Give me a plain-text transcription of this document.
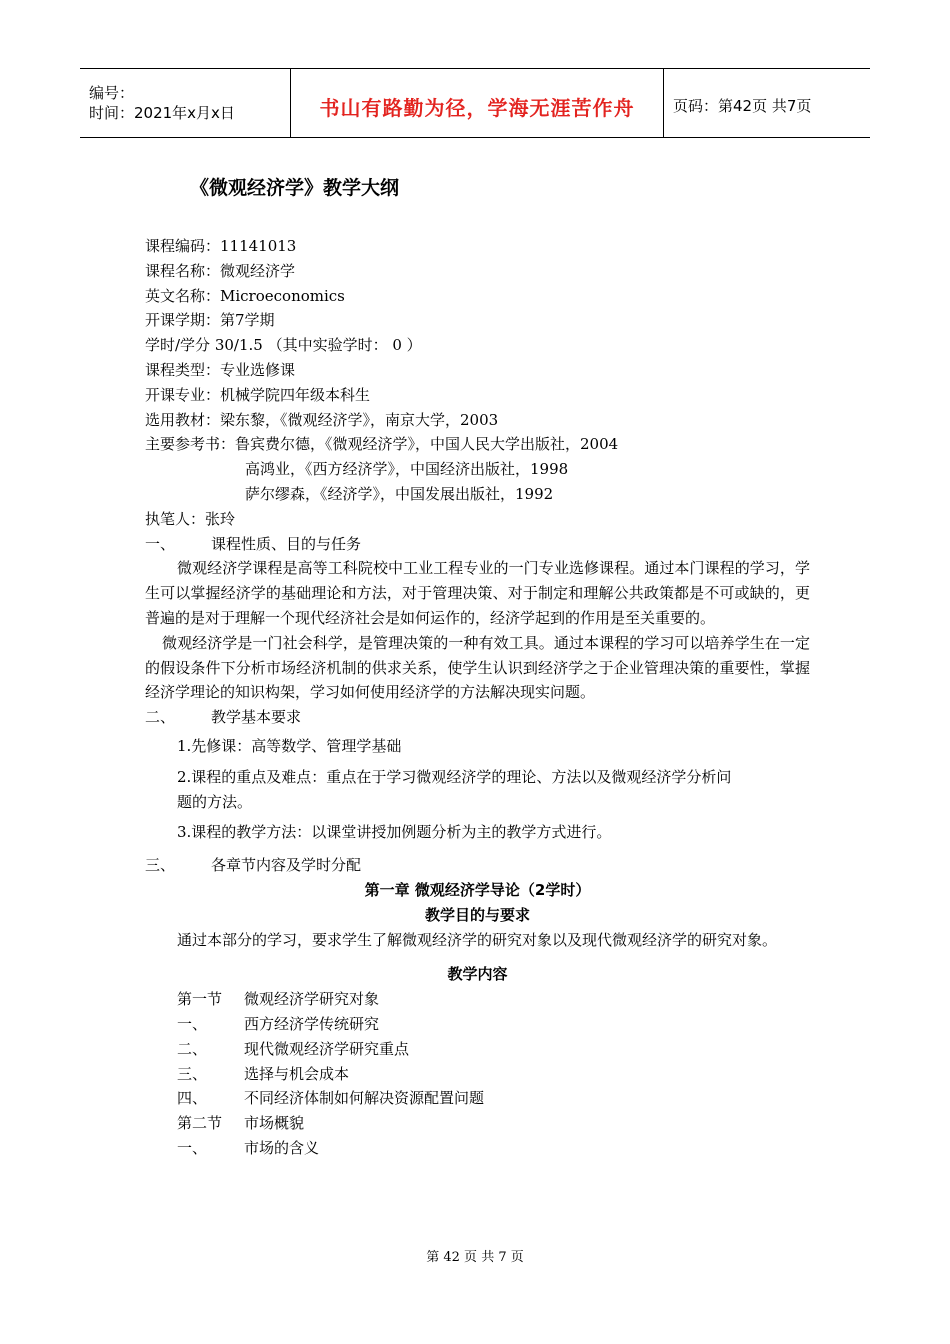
编号：
时间：2021年x月x日	书山有路勤为径，学海无涯苦作舟	页码：第42页 共7页
《微观经济学》教学大纲
课程编码：11141013
课程名称：微观经济学
英文名称：Microeconomics
开课学期：第7学期
学时/学分 30/1.5 （其中实验学时： 0 ）
课程类型：专业选修课
开课专业：机械学院四年级本科生
选用教材：梁东黎，《微观经济学》，南京大学，2003
主要参考书：鲁宾费尔德，《微观经济学》，中国人民大学出版社，2004
高鸿业，《西方经济学》，中国经济出版社，1998
萨尔缪森，《经济学》，中国发展出版社，1992
执笔人：张玲
一、 课程性质、目的与任务
微观经济学课程是高等工科院校中工业工程专业的一门专业选修课程。通过本门课程的学习，学生可以掌握经济学的基础理论和方法，对于管理决策、对于制定和理解公共政策都是不可或缺的，更普遍的是对于理解一个现代经济社会是如何运作的，经济学起到的作用是至关重要的。
微观经济学是一门社会科学，是管理决策的一种有效工具。通过本课程的学习可以培养学生在一定的假设条件下分析市场经济机制的供求关系，使学生认识到经济学之于企业管理决策的重要性，掌握经济学理论的知识构架，学习如何使用经济学的方法解决现实问题。
二、 教学基本要求
1.先修课：高等数学、管理学基础
2.课程的重点及难点：重点在于学习微观经济学的理论、方法以及微观经济学分析问
题的方法。
3.课程的教学方法：以课堂讲授加例题分析为主的教学方式进行。
三、 各章节内容及学时分配
第一章 微观经济学导论（2学时）
教学目的与要求
通过本部分的学习，要求学生了解微观经济学的研究对象以及现代微观经济学的研究对象。
教学内容
第一节 微观经济学研究对象
一、 西方经济学传统研究
二、 现代微观经济学研究重点
三、 选择与机会成本
四、 不同经济体制如何解决资源配置问题
第二节 市场概貌
一、 市场的含义
第 42 页 共 7 页
